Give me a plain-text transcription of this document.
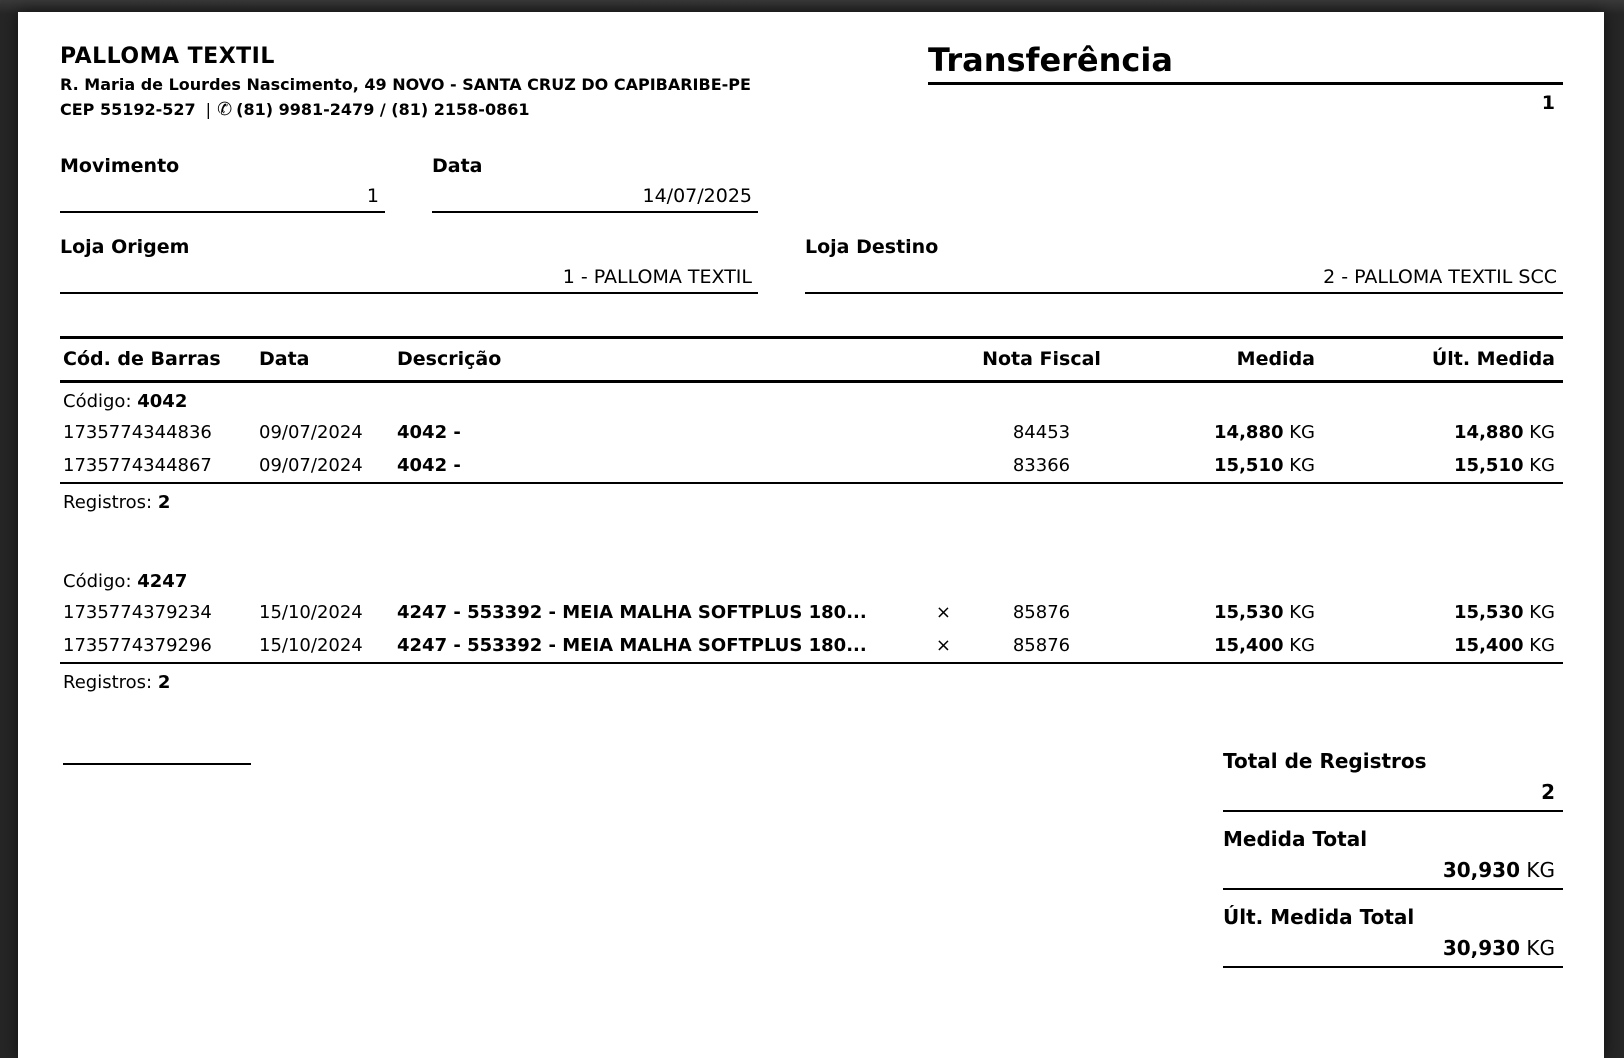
PALLOMA TEXTIL
R. Maria de Lourdes Nascimento, 49 NOVO - SANTA CRUZ DO CAPIBARIBE-PE
CEP 55192-527 | ✆ (81) 9981-2479 / (81) 2158-0861
Transferência
1
Movimento
1
Data
14/07/2025
Loja Origem
1 - PALLOMA TEXTIL
Loja Destino
2 - PALLOMA TEXTIL SCC
Cód. de Barras	Data	Descrição	Nota Fiscal	Medida	Últ. Medida
Código: 4042
1735774344836	09/07/2024	4042 -	84453	14,880 KG	14,880 KG
1735774344867	09/07/2024	4042 -	83366	15,510 KG	15,510 KG
Registros: 2
Código: 4247
1735774379234	15/10/2024	4247 - 553392 - MEIA MALHA SOFTPLUS 180...	×	85876	15,530 KG	15,530 KG
1735774379296	15/10/2024	4247 - 553392 - MEIA MALHA SOFTPLUS 180...	×	85876	15,400 KG	15,400 KG
Registros: 2
Total de Registros
2
Medida Total
30,930 KG
Últ. Medida Total
30,930 KG
